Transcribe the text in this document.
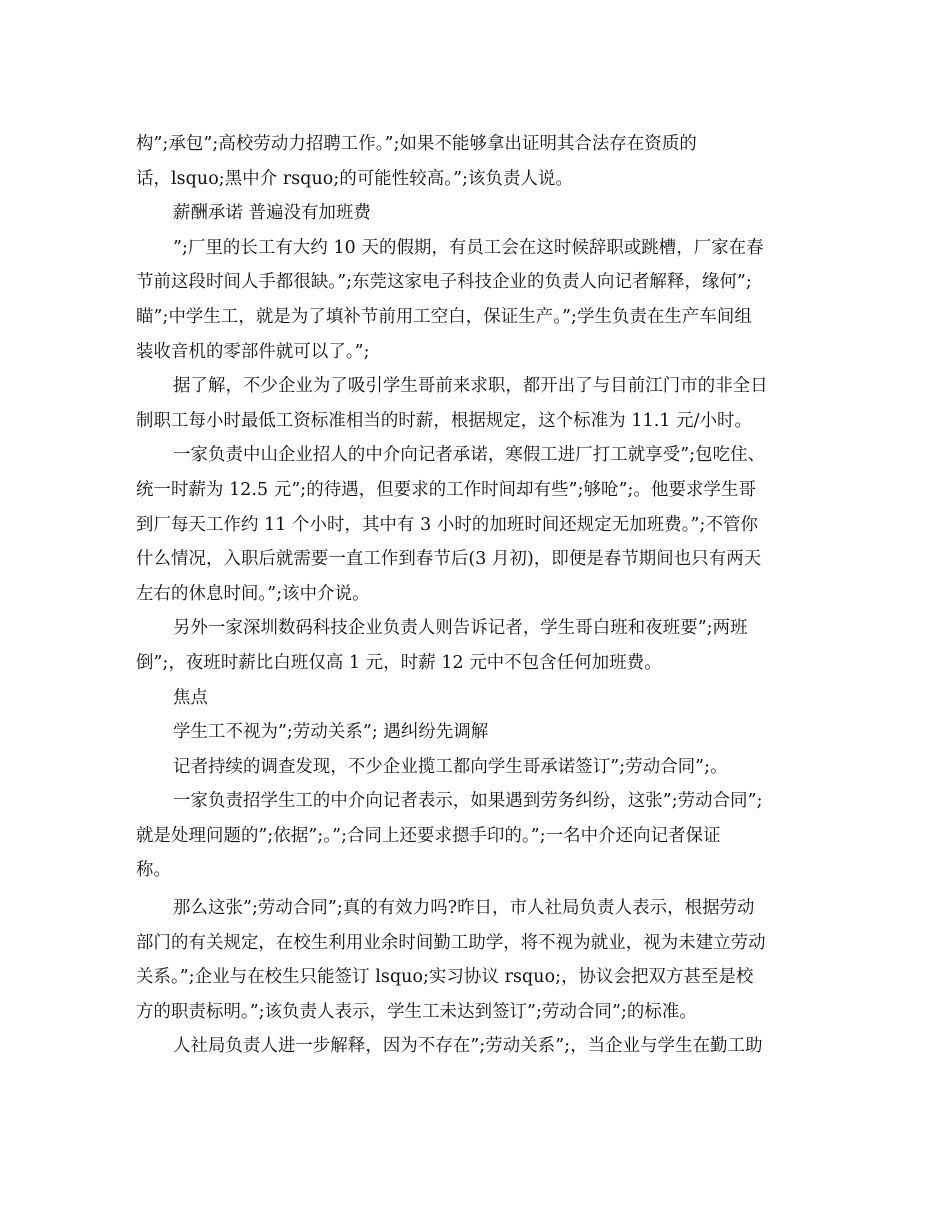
构”;承包”;高校劳动力招聘工作。”;如果不能够拿出证明其合法存在资质的
话，lsquo;黑中介 rsquo;的可能性较高。”;该负责人说。
薪酬承诺 普遍没有加班费
”;厂里的长工有大约 10 天的假期，有员工会在这时候辞职或跳槽，厂家在春
节前这段时间人手都很缺。”;东莞这家电子科技企业的负责人向记者解释，缘何”;
瞄”;中学生工，就是为了填补节前用工空白，保证生产。”;学生负责在生产车间组
装收音机的零部件就可以了。”;
据了解，不少企业为了吸引学生哥前来求职，都开出了与目前江门市的非全日
制职工每小时最低工资标准相当的时薪，根据规定，这个标准为 11.1 元/小时。
一家负责中山企业招人的中介向记者承诺，寒假工进厂打工就享受”;包吃住、
统一时薪为 12.5 元”;的待遇，但要求的工作时间却有些”;够呛”;。他要求学生哥
到厂每天工作约 11 个小时，其中有 3 小时的加班时间还规定无加班费。”;不管你
什么情况，入职后就需要一直工作到春节后(3 月初)，即便是春节期间也只有两天
左右的休息时间。”;该中介说。
另外一家深圳数码科技企业负责人则告诉记者，学生哥白班和夜班要”;两班
倒”;，夜班时薪比白班仅高 1 元，时薪 12 元中不包含任何加班费。
焦点
学生工不视为”;劳动关系”; 遇纠纷先调解
记者持续的调查发现，不少企业揽工都向学生哥承诺签订”;劳动合同”;。
一家负责招学生工的中介向记者表示，如果遇到劳务纠纷，这张”;劳动合同”;
就是处理问题的”;依据”;。”;合同上还要求摁手印的。”;一名中介还向记者保证
称。
那么这张”;劳动合同”;真的有效力吗?昨日，市人社局负责人表示，根据劳动
部门的有关规定，在校生利用业余时间勤工助学，将不视为就业，视为未建立劳动
关系。”;企业与在校生只能签订 lsquo;实习协议 rsquo;，协议会把双方甚至是校
方的职责标明。”;该负责人表示，学生工未达到签订”;劳动合同”;的标准。
人社局负责人进一步解释，因为不存在”;劳动关系”;，当企业与学生在勤工助
